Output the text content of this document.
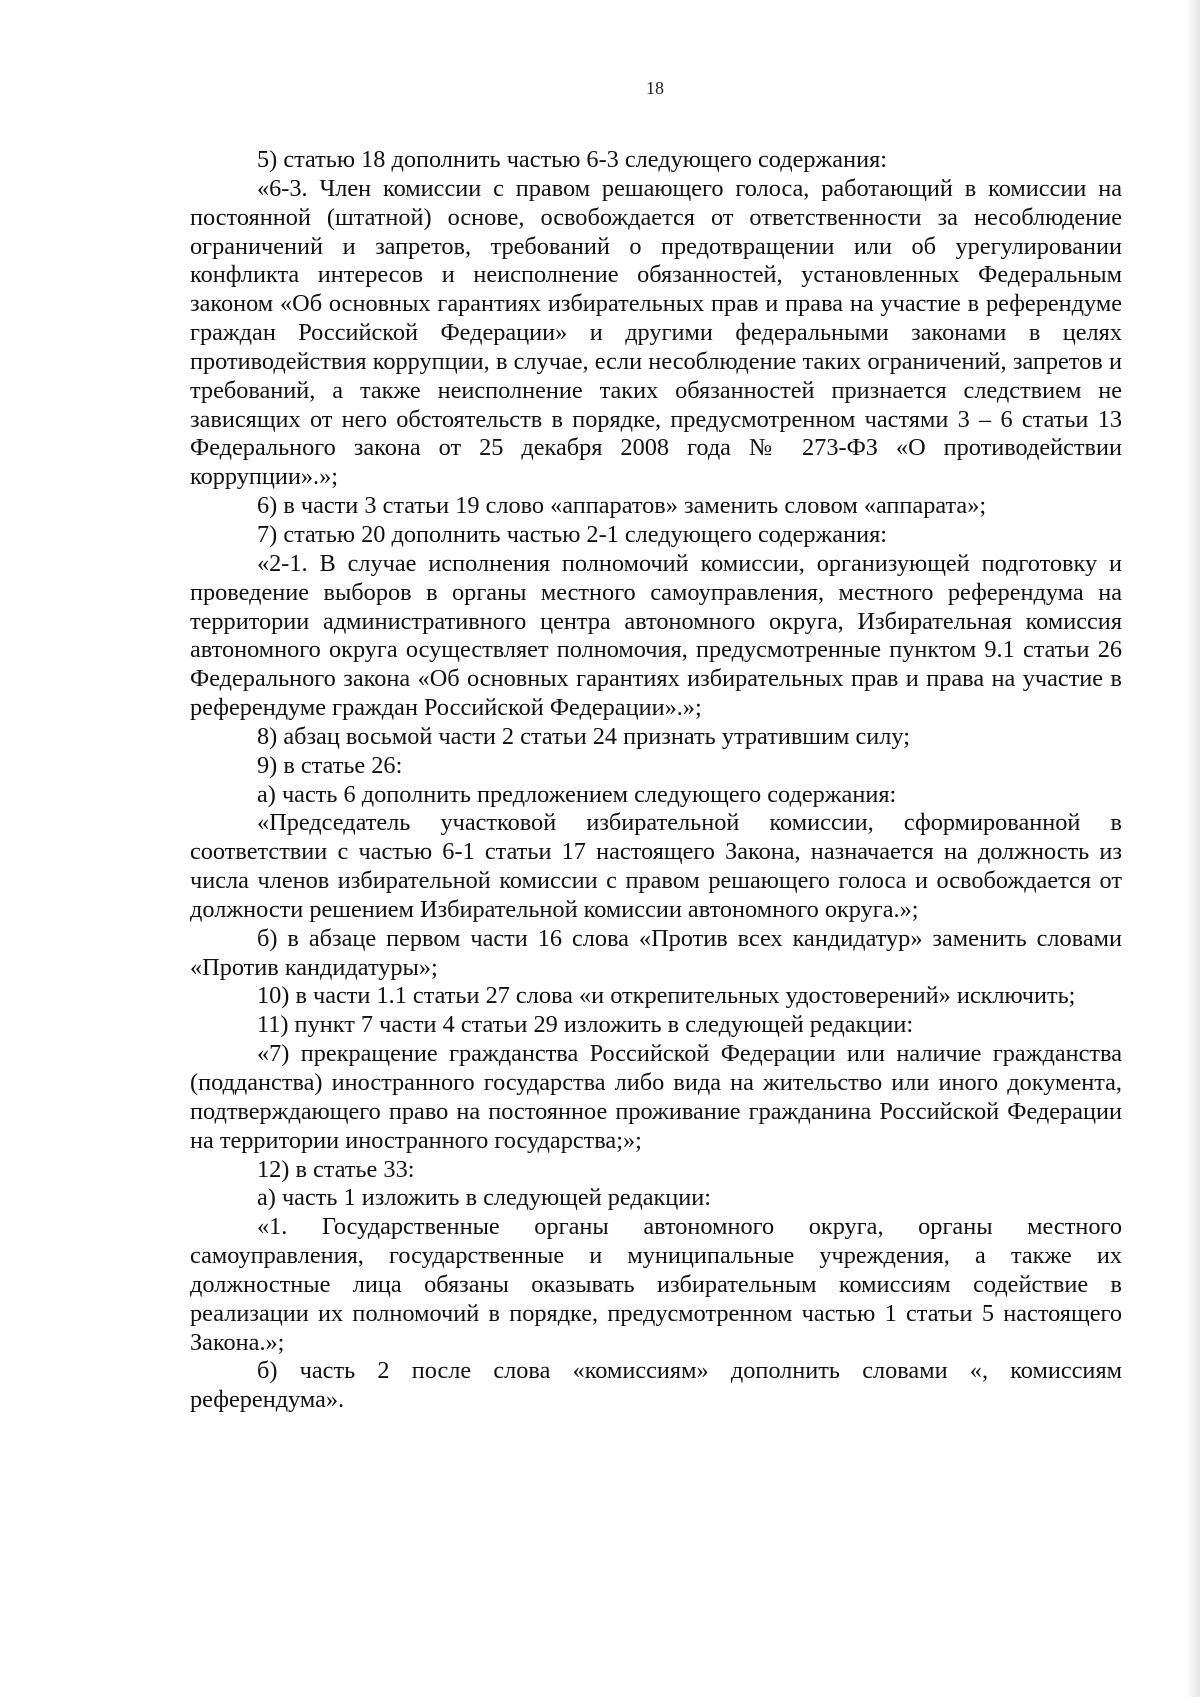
18

5) статью 18 дополнить частью 6-3 следующего содержания:

«6-3. Член комиссии с правом решающего голоса, работающий в комиссии на постоянной (штатной) основе, освобождается от ответственности за несоблюдение ограничений и запретов, требований о предотвращении или об урегулировании конфликта интересов и неисполнение обязанностей, установленных Федеральным законом «Об основных гарантиях избирательных прав и права на участие в референдуме граждан Российской Федерации» и другими федеральными законами в целях противодействия коррупции, в случае, если несоблюдение таких ограничений, запретов и требований, а также неисполнение таких обязанностей признается следствием не зависящих от него обстоятельств в порядке, предусмотренном частями 3 – 6 статьи 13 Федерального закона от 25 декабря 2008 года № 273-ФЗ «О противодействии коррупции».»;

6) в части 3 статьи 19 слово «аппаратов» заменить словом «аппарата»;

7) статью 20 дополнить частью 2-1 следующего содержания:

«2-1. В случае исполнения полномочий комиссии, организующей подготовку и проведение выборов в органы местного самоуправления, местного референдума на территории административного центра автономного округа, Избирательная комиссия автономного округа осуществляет полномочия, предусмотренные пунктом 9.1 статьи 26 Федерального закона «Об основных гарантиях избирательных прав и права на участие в референдуме граждан Российской Федерации».»;

8) абзац восьмой части 2 статьи 24 признать утратившим силу;

9) в статье 26:

а) часть 6 дополнить предложением следующего содержания:

«Председатель участковой избирательной комиссии, сформированной в соответствии с частью 6-1 статьи 17 настоящего Закона, назначается на должность из числа членов избирательной комиссии с правом решающего голоса и освобождается от должности решением Избирательной комиссии автономного округа.»;

б) в абзаце первом части 16 слова «Против всех кандидатур» заменить словами «Против кандидатуры»;

10) в части 1.1 статьи 27 слова «и открепительных удостоверений» исключить;

11) пункт 7 части 4 статьи 29 изложить в следующей редакции:

«7) прекращение гражданства Российской Федерации или наличие гражданства (подданства) иностранного государства либо вида на жительство или иного документа, подтверждающего право на постоянное проживание гражданина Российской Федерации на территории иностранного государства;»;

12) в статье 33:

а) часть 1 изложить в следующей редакции:

«1. Государственные органы автономного округа, органы местного самоуправления, государственные и муниципальные учреждения, а также их должностные лица обязаны оказывать избирательным комиссиям содействие в реализации их полномочий в порядке, предусмотренном частью 1 статьи 5 настоящего Закона.»;

б) часть 2 после слова «комиссиям» дополнить словами «, комиссиям референдума».
